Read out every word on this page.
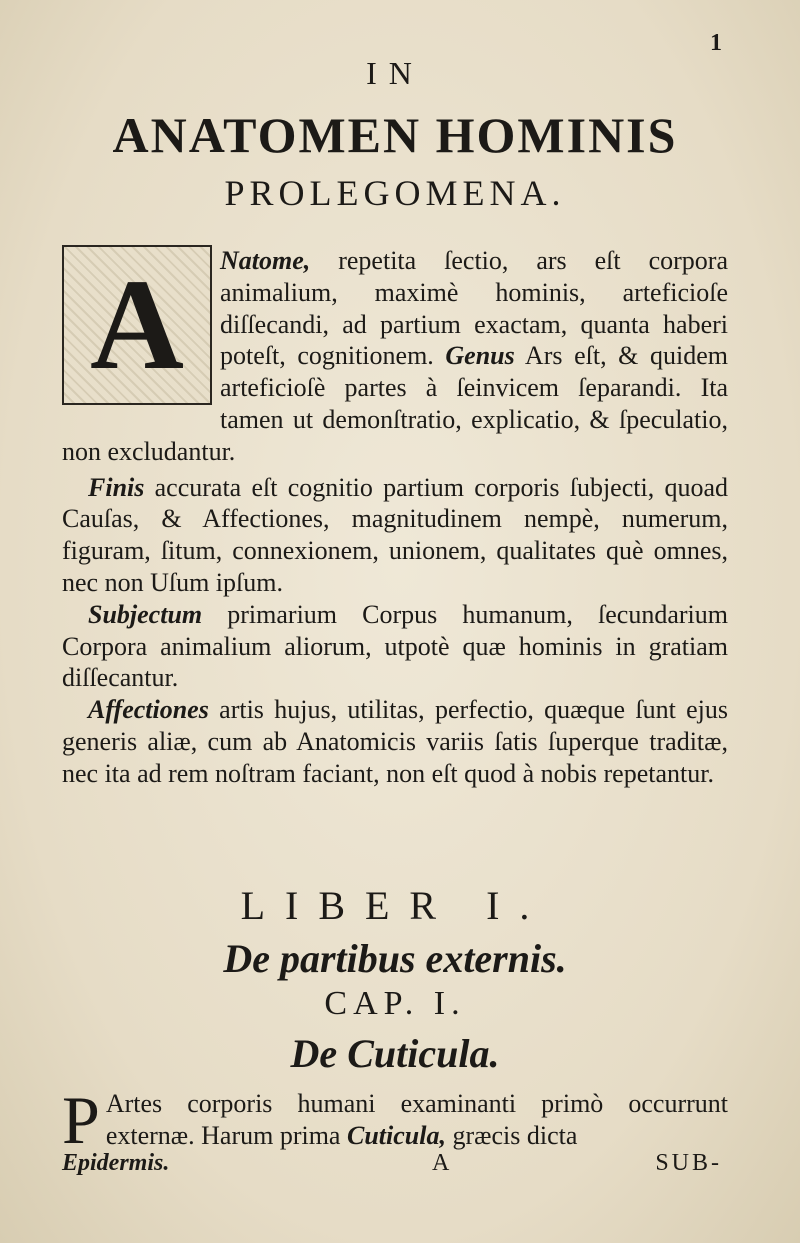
1
IN
ANATOMEN HOMINIS
PROLEGOMENA.
A	Natome, repetita ſectio, ars eſt corpora animalium, maximè hominis, arteficioſe diſſecandi, ad partium exactam, quanta haberi poteſt, cognitionem. Genus Ars eſt, & quidem arteficioſè partes à ſeinvicem ſeparandi. Ita tamen ut demonſtratio, explicatio, & ſpeculatio, non excludantur.
 Finis accurata eſt cognitio partium corporis ſubjecti, quoad Cauſas, & Affectiones, magnitudinem nempè, numerum, figuram, ſitum, connexionem, unionem, qualitates què omnes, nec non Uſum ipſum.
 Subjectum primarium Corpus humanum, ſecundarium Corpora animalium aliorum, utpotè quæ hominis in gratiam diſſecantur.
 Affectiones artis hujus, utilitas, perfectio, quæque ſunt ejus generis aliæ, cum ab Anatomicis variis ſatis ſuperque traditæ, nec ita ad rem noſtram faciant, non eſt quod à nobis repetantur.
LIBER I.
De partibus externis.
CAP. I.
De Cuticula.
P Artes corporis humani examinanti primò occurrunt externæ. Harum prima Cuticula, græcis dicta
Epidermis.	A	SUB-
